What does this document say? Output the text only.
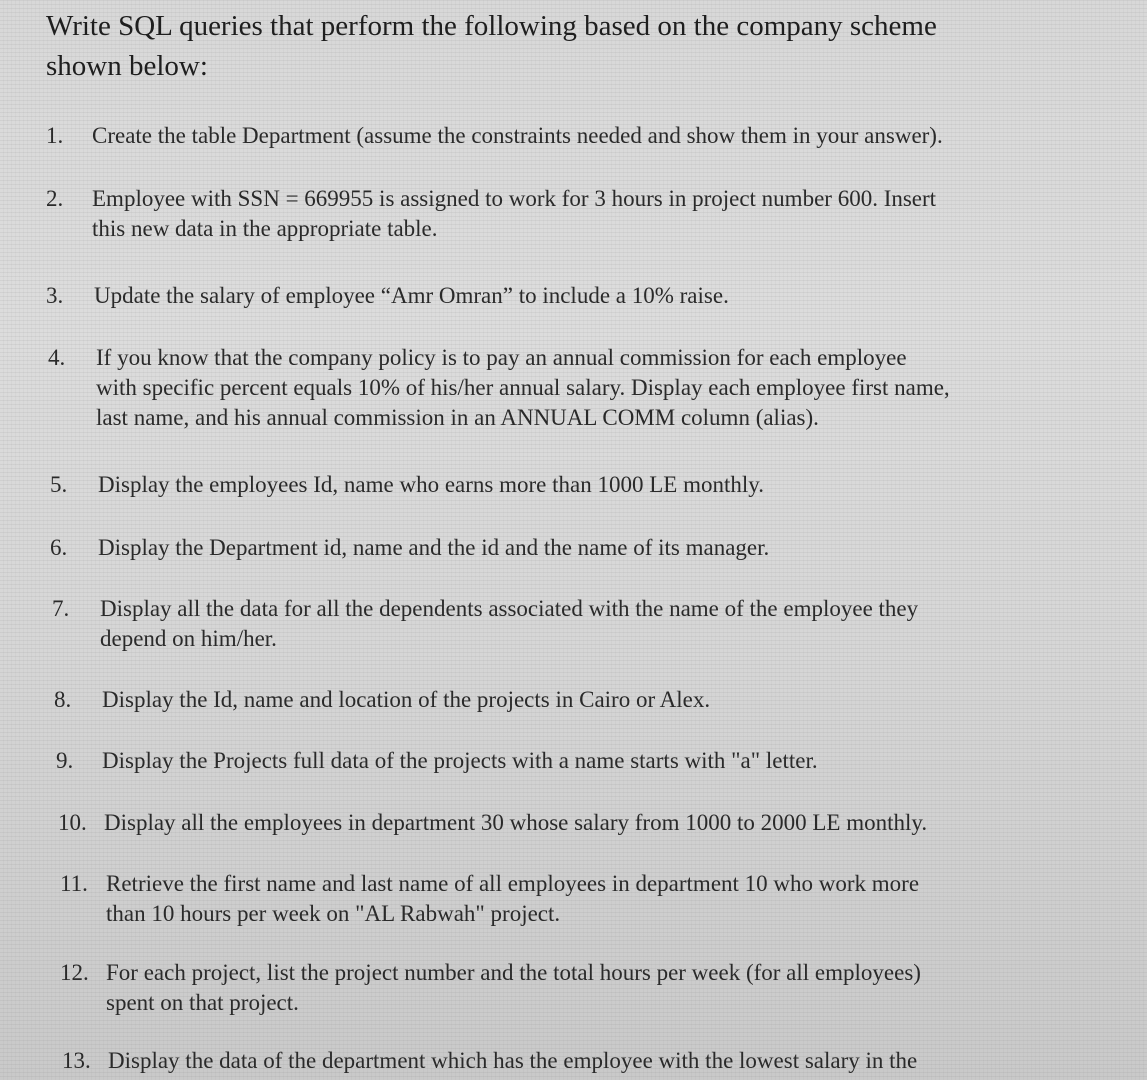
Write SQL queries that perform the following based on the company scheme
shown below:
1. Create the table Department (assume the constraints needed and show them in your answer).
2. Employee with SSN = 669955 is assigned to work for 3 hours in project number 600. Insert
this new data in the appropriate table.
3. Update the salary of employee “Amr Omran” to include a 10% raise.
4. If you know that the company policy is to pay an annual commission for each employee
with specific percent equals 10% of his/her annual salary. Display each employee first name,
last name, and his annual commission in an ANNUAL COMM column (alias).
5. Display the employees Id, name who earns more than 1000 LE monthly.
6. Display the Department id, name and the id and the name of its manager.
7. Display all the data for all the dependents associated with the name of the employee they
depend on him/her.
8. Display the Id, name and location of the projects in Cairo or Alex.
9. Display the Projects full data of the projects with a name starts with "a" letter.
10. Display all the employees in department 30 whose salary from 1000 to 2000 LE monthly.
11. Retrieve the first name and last name of all employees in department 10 who work more
than 10 hours per week on "AL Rabwah" project.
12. For each project, list the project number and the total hours per week (for all employees)
spent on that project.
13. Display the data of the department which has the employee with the lowest salary in the
